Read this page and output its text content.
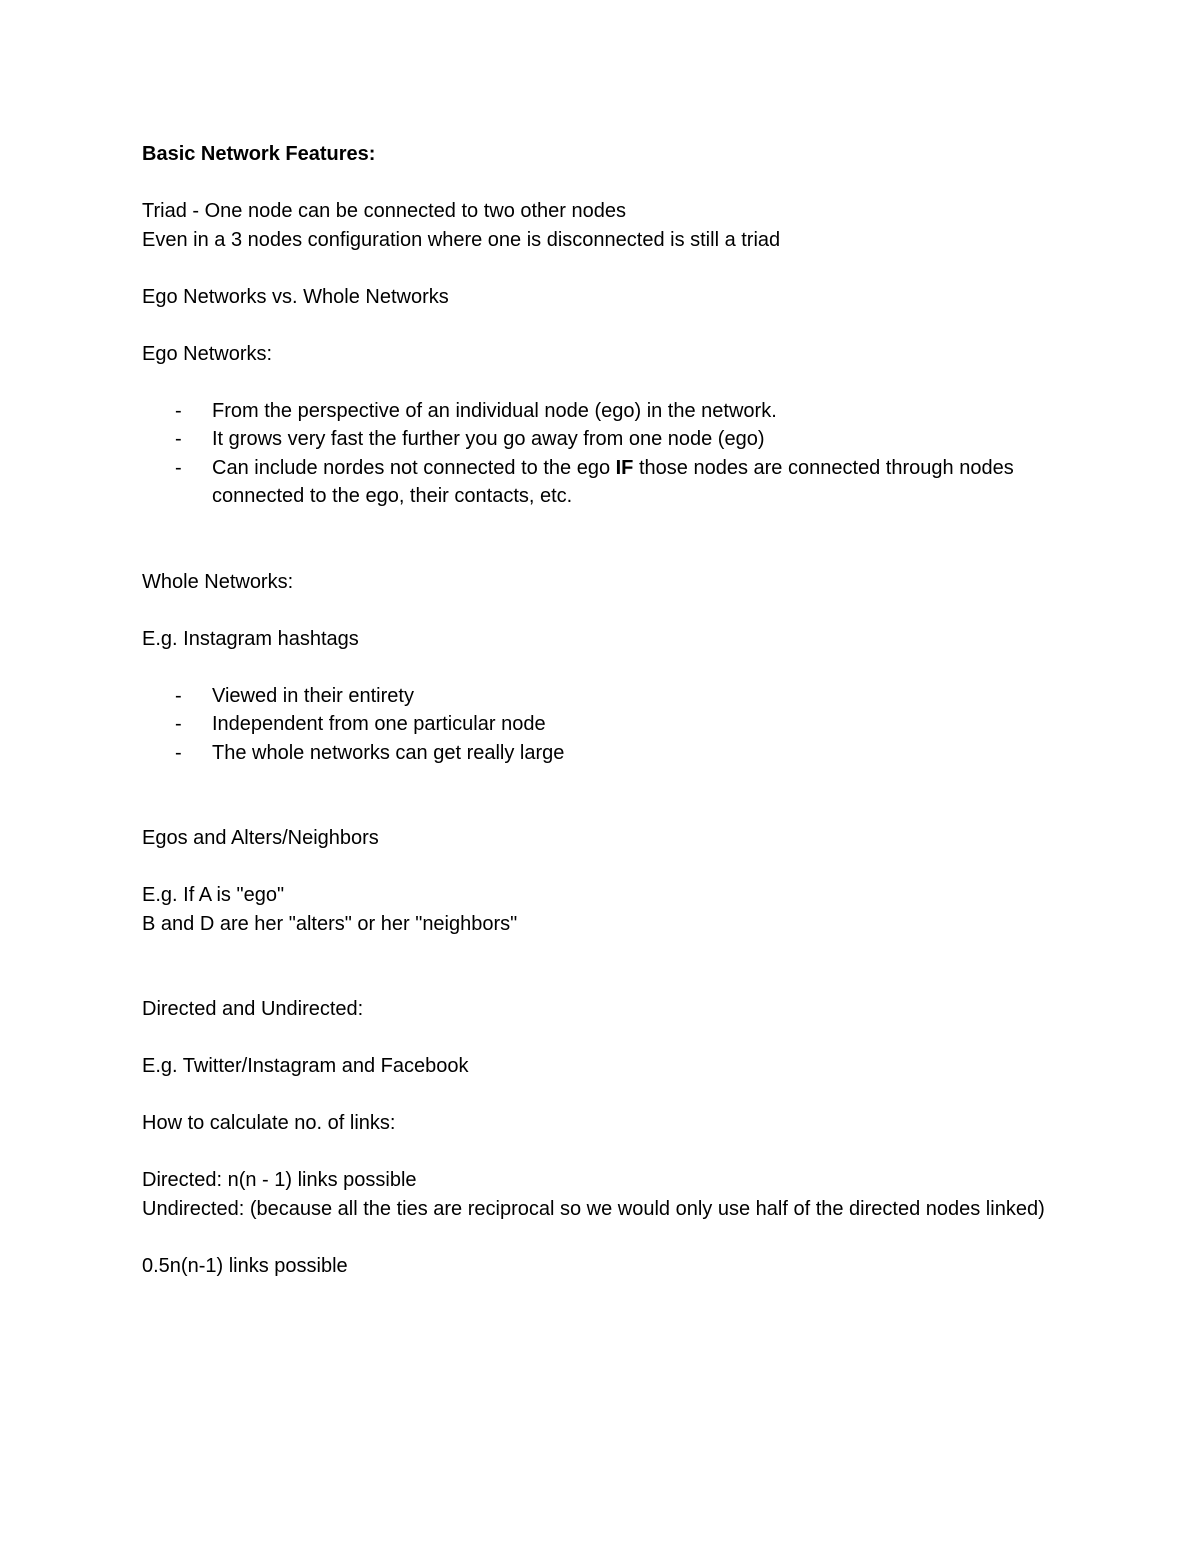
Basic Network Features:

Triad - One node can be connected to two other nodes

Even in a 3 nodes configuration where one is disconnected is still a triad

Ego Networks vs. Whole Networks

Ego Networks:

- From the perspective of an individual node (ego) in the network.
- It grows very fast the further you go away from one node (ego)
- Can include nordes not connected to the ego IF those nodes are connected through nodes connected to the ego, their contacts, etc.

Whole Networks:

E.g. Instagram hashtags

- Viewed in their entirety
- Independent from one particular node
- The whole networks can get really large

Egos and Alters/Neighbors

E.g. If A is "ego"

B and D are her "alters" or her "neighbors"

Directed and Undirected:

E.g. Twitter/Instagram and Facebook

How to calculate no. of links:

Directed: n(n - 1) links possible

Undirected: (because all the ties are reciprocal so we would only use half of the directed nodes linked)

0.5n(n-1) links possible
